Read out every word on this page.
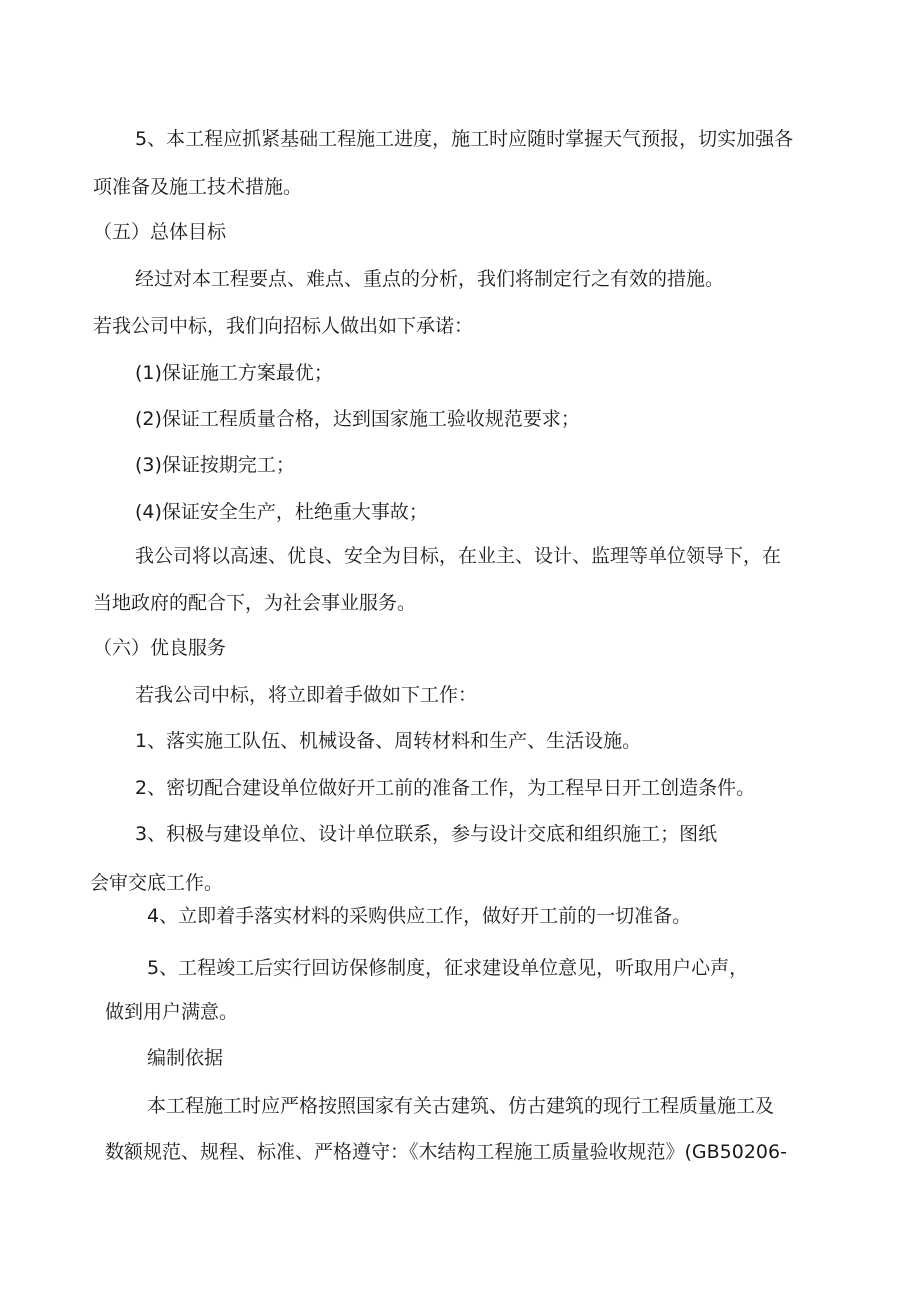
5、本工程应抓紧基础工程施工进度，施工时应随时掌握天气预报，切实加强各

项准备及施工技术措施。

（五）总体目标

经过对本工程要点、难点、重点的分析，我们将制定行之有效的措施。

若我公司中标，我们向招标人做出如下承诺：

(1)保证施工方案最优；

(2)保证工程质量合格，达到国家施工验收规范要求；

(3)保证按期完工；

(4)保证安全生产，杜绝重大事故；

我公司将以高速、优良、安全为目标，在业主、设计、监理等单位领导下，在

当地政府的配合下，为社会事业服务。

（六）优良服务

若我公司中标，将立即着手做如下工作：

1、落实施工队伍、机械设备、周转材料和生产、生活设施。

2、密切配合建设单位做好开工前的准备工作，为工程早日开工创造条件。

3、积极与建设单位、设计单位联系，参与设计交底和组织施工；图纸

会审交底工作。

4、立即着手落实材料的采购供应工作，做好开工前的一切准备。

5、工程竣工后实行回访保修制度，征求建设单位意见，听取用户心声，

做到用户满意。

编制依据

本工程施工时应严格按照国家有关古建筑、仿古建筑的现行工程质量施工及

数额规范、规程、标准、严格遵守：《木结构工程施工质量验收规范》(GB50206-
